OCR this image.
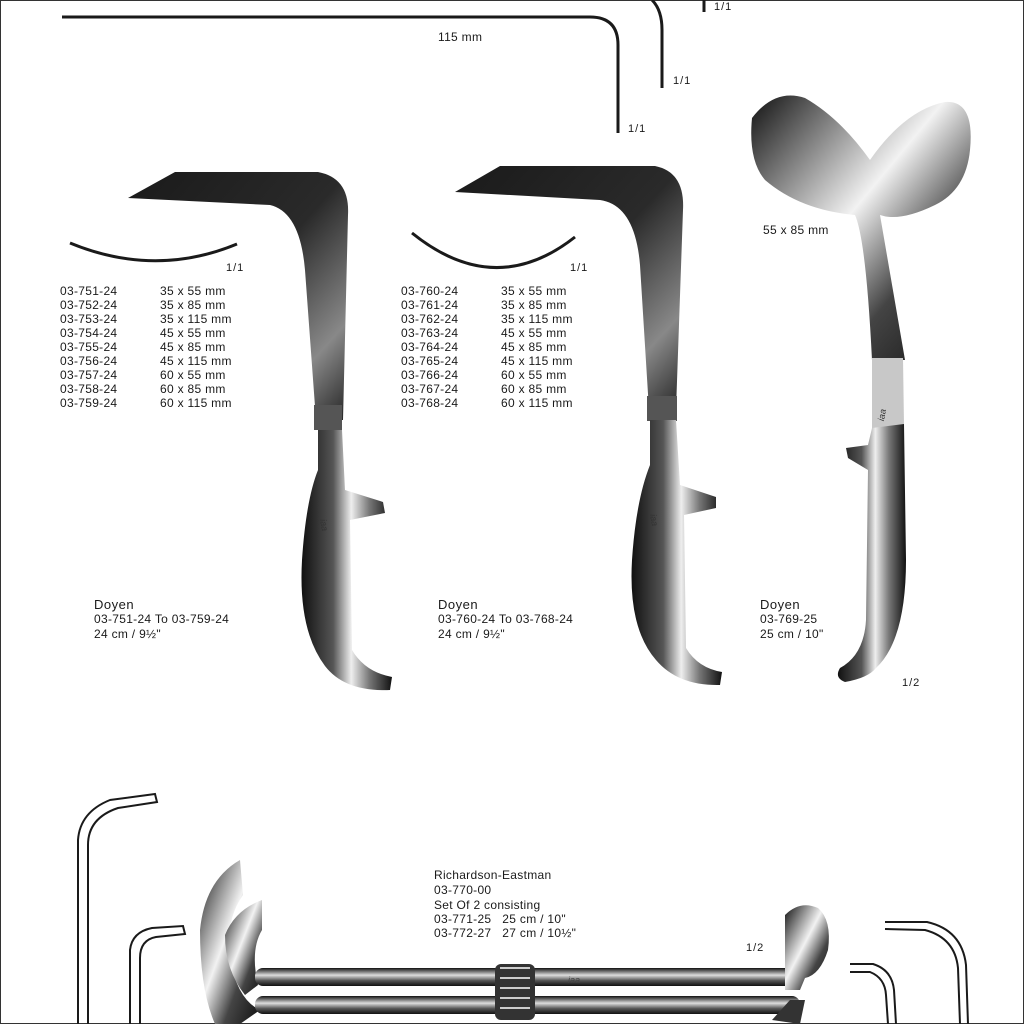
115 mm
1/1
1/1
1/1
1/1
03-751-24	35 x 55 mm
03-752-24	35 x 85 mm
03-753-24	35 x 115 mm
03-754-24	45 x 55 mm
03-755-24	45 x 85 mm
03-756-24	45 x 115 mm
03-757-24	60 x 55 mm
03-758-24	60 x 85 mm
03-759-24	60 x 115 mm
Doyen
03-751-24 To 03-759-24
24 cm / 9½"
1/1
03-760-24	35 x 55 mm
03-761-24	35 x 85 mm
03-762-24	35 x 115 mm
03-763-24	45 x 55 mm
03-764-24	45 x 85 mm
03-765-24	45 x 115 mm
03-766-24	60 x 55 mm
03-767-24	60 x 85 mm
03-768-24	60 x 115 mm
Doyen
03-760-24 To 03-768-24
24 cm / 9½"
55 x 85 mm
Doyen
03-769-25
25 cm / 10"
1/2
Richardson-Eastman
03-770-00
Set Of 2 consisting
03-771-25   25 cm / 10"
03-772-27   27 cm / 10½"
1/2
iaa	iaa
iaa
iaa
